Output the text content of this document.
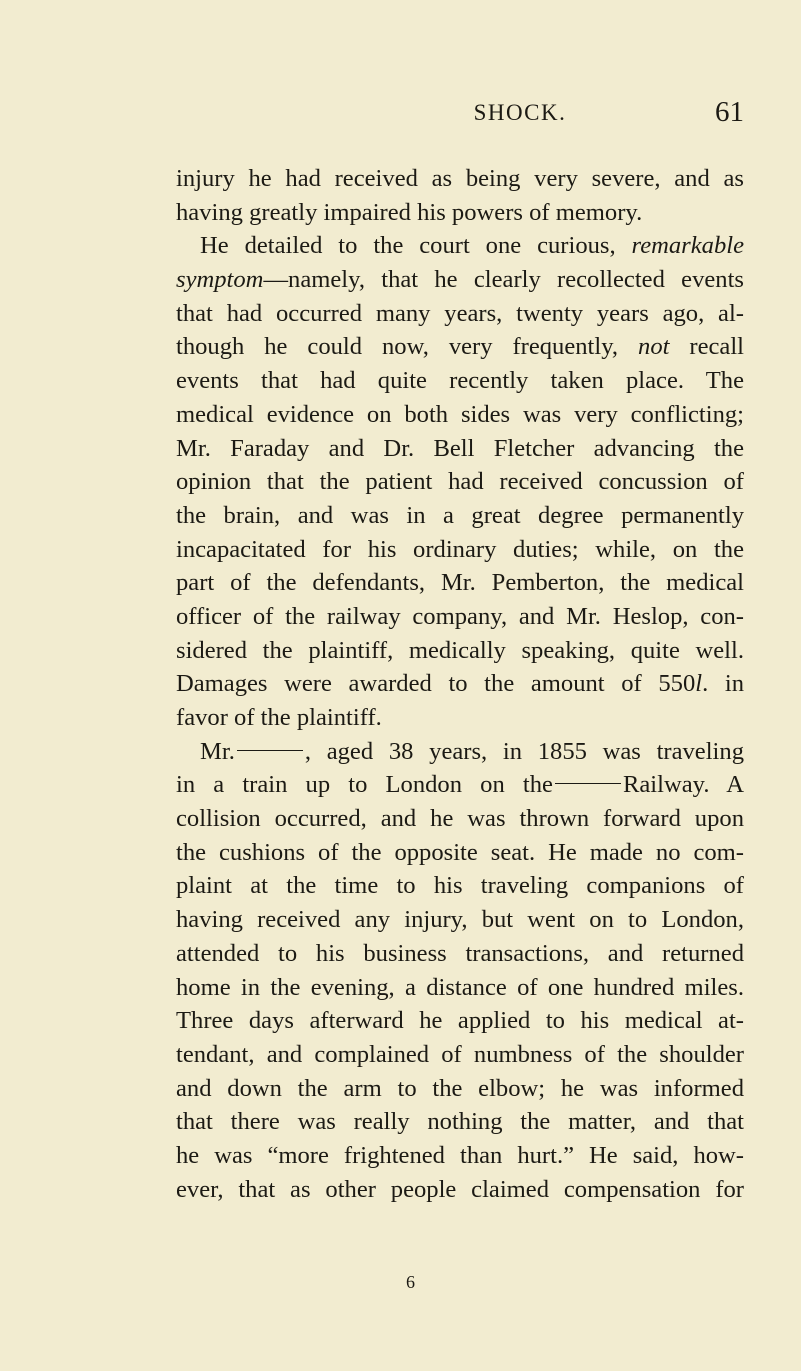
SHOCK.	61
injury he had received as being very severe, and as
having greatly impaired his powers of memory.
He detailed to the court one curious, remarkable
symptom—namely, that he clearly recollected events
that had occurred many years, twenty years ago, al-
though he could now, very frequently, not recall
events that had quite recently taken place. The
medical evidence on both sides was very conflicting;
Mr. Faraday and Dr. Bell Fletcher advancing the
opinion that the patient had received concussion of
the brain, and was in a great degree permanently
incapacitated for his ordinary duties; while, on the
part of the defendants, Mr. Pemberton, the medical
officer of the railway company, and Mr. Heslop, con-
sidered the plaintiff, medically speaking, quite well.
Damages were awarded to the amount of 550l. in
favor of the plaintiff.
Mr.	, aged 38 years, in 1855 was traveling
in a train up to London on the	Railway. A
collision occurred, and he was thrown forward upon
the cushions of the opposite seat. He made no com-
plaint at the time to his traveling companions of
having received any injury, but went on to London,
attended to his business transactions, and returned
home in the evening, a distance of one hundred miles.
Three days afterward he applied to his medical at-
tendant, and complained of numbness of the shoulder
and down the arm to the elbow; he was informed
that there was really nothing the matter, and that
he was “more frightened than hurt.” He said, how-
ever, that as other people claimed compensation for
6
